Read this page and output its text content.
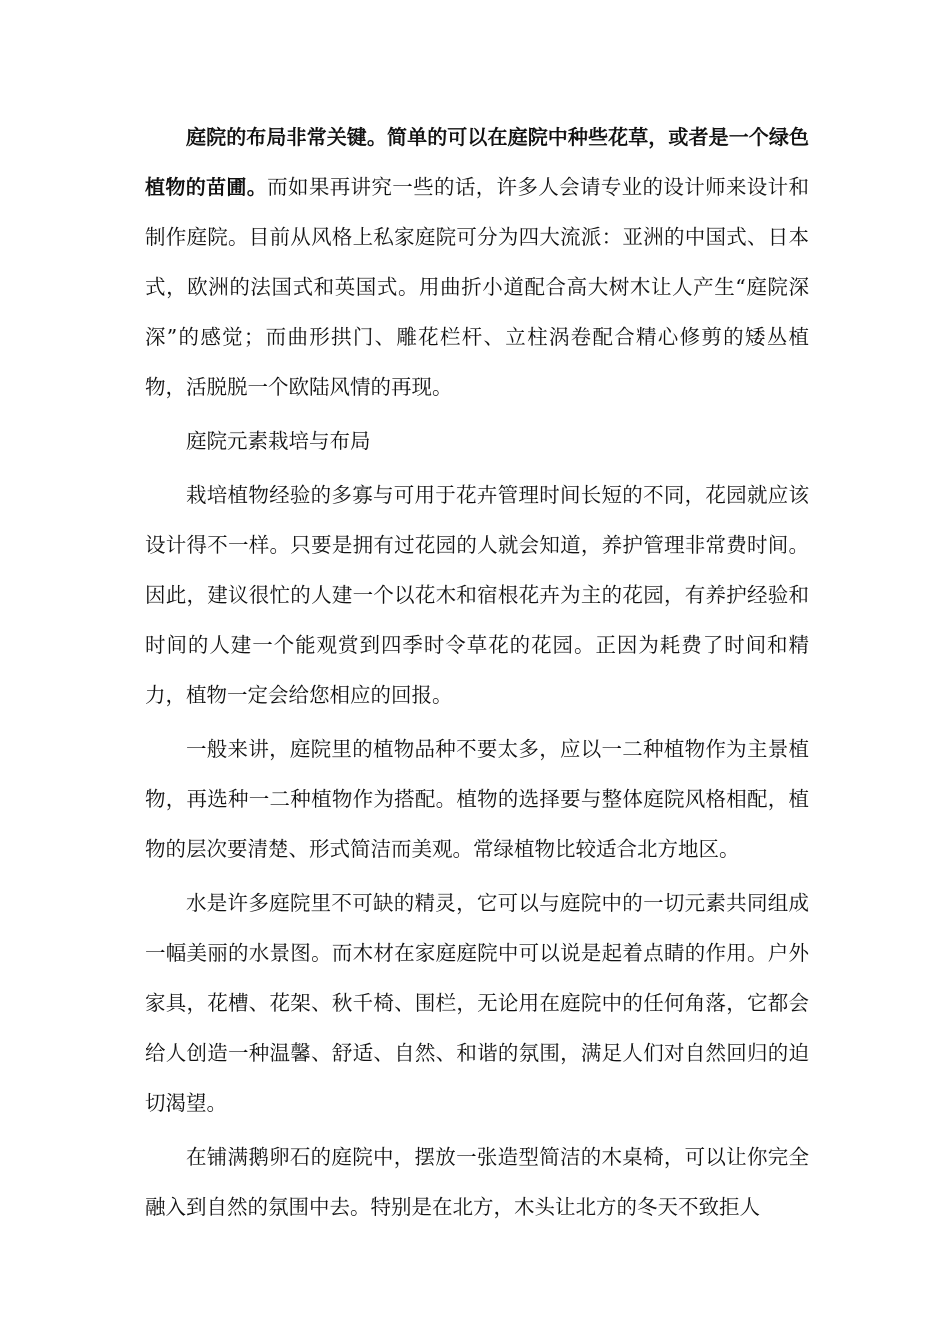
庭院的布局非常关键。简单的可以在庭院中种些花草，或者是一个绿色植物的苗圃。而如果再讲究一些的话，许多人会请专业的设计师来设计和制作庭院。目前从风格上私家庭院可分为四大流派：亚洲的中国式、日本式，欧洲的法国式和英国式。用曲折小道配合高大树木让人产生“庭院深深”的感觉；而曲形拱门、雕花栏杆、立柱涡卷配合精心修剪的矮丛植物，活脱脱一个欧陆风情的再现。

庭院元素栽培与布局

栽培植物经验的多寡与可用于花卉管理时间长短的不同，花园就应该设计得不一样。只要是拥有过花园的人就会知道，养护管理非常费时间。因此，建议很忙的人建一个以花木和宿根花卉为主的花园，有养护经验和时间的人建一个能观赏到四季时令草花的花园。正因为耗费了时间和精力，植物一定会给您相应的回报。

一般来讲，庭院里的植物品种不要太多，应以一二种植物作为主景植物，再选种一二种植物作为搭配。植物的选择要与整体庭院风格相配，植物的层次要清楚、形式简洁而美观。常绿植物比较适合北方地区。

水是许多庭院里不可缺的精灵，它可以与庭院中的一切元素共同组成一幅美丽的水景图。而木材在家庭庭院中可以说是起着点睛的作用。户外家具，花槽、花架、秋千椅、围栏，无论用在庭院中的任何角落，它都会给人创造一种温馨、舒适、自然、和谐的氛围，满足人们对自然回归的迫切渴望。

在铺满鹅卵石的庭院中，摆放一张造型简洁的木桌椅，可以让你完全融入到自然的氛围中去。特别是在北方，木头让北方的冬天不致拒人
